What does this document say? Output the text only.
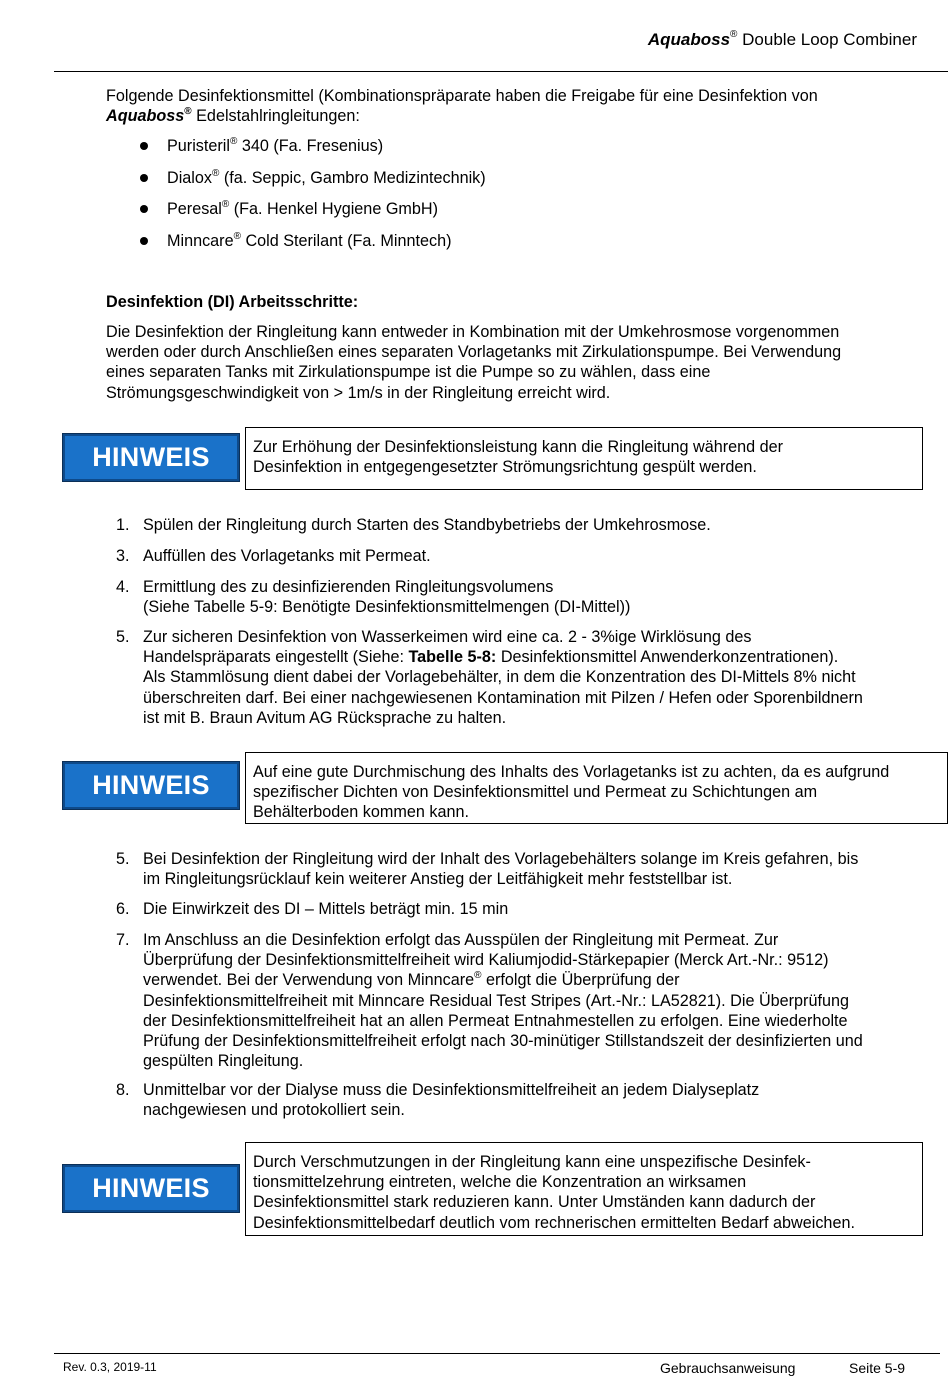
Aquaboss® Double Loop Combiner
Folgende Desinfektionsmittel (Kombinationspräparate haben die Freigabe für eine Desinfektion von
Aquaboss® Edelstahlringleitungen:
Puristeril® 340 (Fa. Fresenius)
Dialox® (fa. Seppic, Gambro Medizintechnik)
Peresal® (Fa. Henkel Hygiene GmbH)
Minncare® Cold Sterilant (Fa. Minntech)
Desinfektion (DI) Arbeitsschritte:
Die Desinfektion der Ringleitung kann entweder in Kombination mit der Umkehrosmose vorgenommen
werden oder durch Anschließen eines separaten Vorlagetanks mit Zirkulationspumpe. Bei Verwendung
eines separaten Tanks mit Zirkulationspumpe ist die Pumpe so zu wählen, dass eine
Strömungsgeschwindigkeit von > 1m/s in der Ringleitung erreicht wird.
HINWEIS	Zur Erhöhung der Desinfektionsleistung kann die Ringleitung während der
Desinfektion in entgegengesetzter Strömungsrichtung gespült werden.
1. Spülen der Ringleitung durch Starten des Standbybetriebs der Umkehrosmose.
3. Auffüllen des Vorlagetanks mit Permeat.
4. Ermittlung des zu desinfizierenden Ringleitungsvolumens
(Siehe Tabelle 5-9: Benötigte Desinfektionsmittelmengen (DI-Mittel))
5. Zur sicheren Desinfektion von Wasserkeimen wird eine ca. 2 - 3%ige Wirklösung des
Handelspräparats eingestellt (Siehe: Tabelle 5-8: Desinfektionsmittel Anwenderkonzentrationen).
Als Stammlösung dient dabei der Vorlagebehälter, in dem die Konzentration des DI-Mittels 8% nicht
überschreiten darf. Bei einer nachgewiesenen Kontamination mit Pilzen / Hefen oder Sporenbildnern
ist mit B. Braun Avitum AG Rücksprache zu halten.
HINWEIS	Auf eine gute Durchmischung des Inhalts des Vorlagetanks ist zu achten, da es aufgrund
spezifischer Dichten von Desinfektionsmittel und Permeat zu Schichtungen am
Behälterboden kommen kann.
5. Bei Desinfektion der Ringleitung wird der Inhalt des Vorlagebehälters solange im Kreis gefahren, bis
im Ringleitungsrücklauf kein weiterer Anstieg der Leitfähigkeit mehr feststellbar ist.
6. Die Einwirkzeit des DI – Mittels beträgt min. 15 min
7. Im Anschluss an die Desinfektion erfolgt das Ausspülen der Ringleitung mit Permeat. Zur
Überprüfung der Desinfektionsmittelfreiheit wird Kaliumjodid-Stärkepapier (Merck Art.-Nr.: 9512)
verwendet. Bei der Verwendung von Minncare® erfolgt die Überprüfung der
Desinfektionsmittelfreiheit mit Minncare Residual Test Stripes (Art.-Nr.: LA52821). Die Überprüfung
der Desinfektionsmittelfreiheit hat an allen Permeat Entnahmestellen zu erfolgen. Eine wiederholte
Prüfung der Desinfektionsmittelfreiheit erfolgt nach 30-minütiger Stillstandszeit der desinfizierten und
gespülten Ringleitung.
8. Unmittelbar vor der Dialyse muss die Desinfektionsmittelfreiheit an jedem Dialyseplatz
nachgewiesen und protokolliert sein.
HINWEIS
Durch Verschmutzungen in der Ringleitung kann eine unspezifische Desinfek-
tionsmittelzehrung eintreten, welche die Konzentration an wirksamen
Desinfektionsmittel stark reduzieren kann. Unter Umständen kann dadurch der
Desinfektionsmittelbedarf deutlich vom rechnerischen ermittelten Bedarf abweichen.
Rev. 0.3, 2019-11	Gebrauchsanweisung	Seite 5-9
